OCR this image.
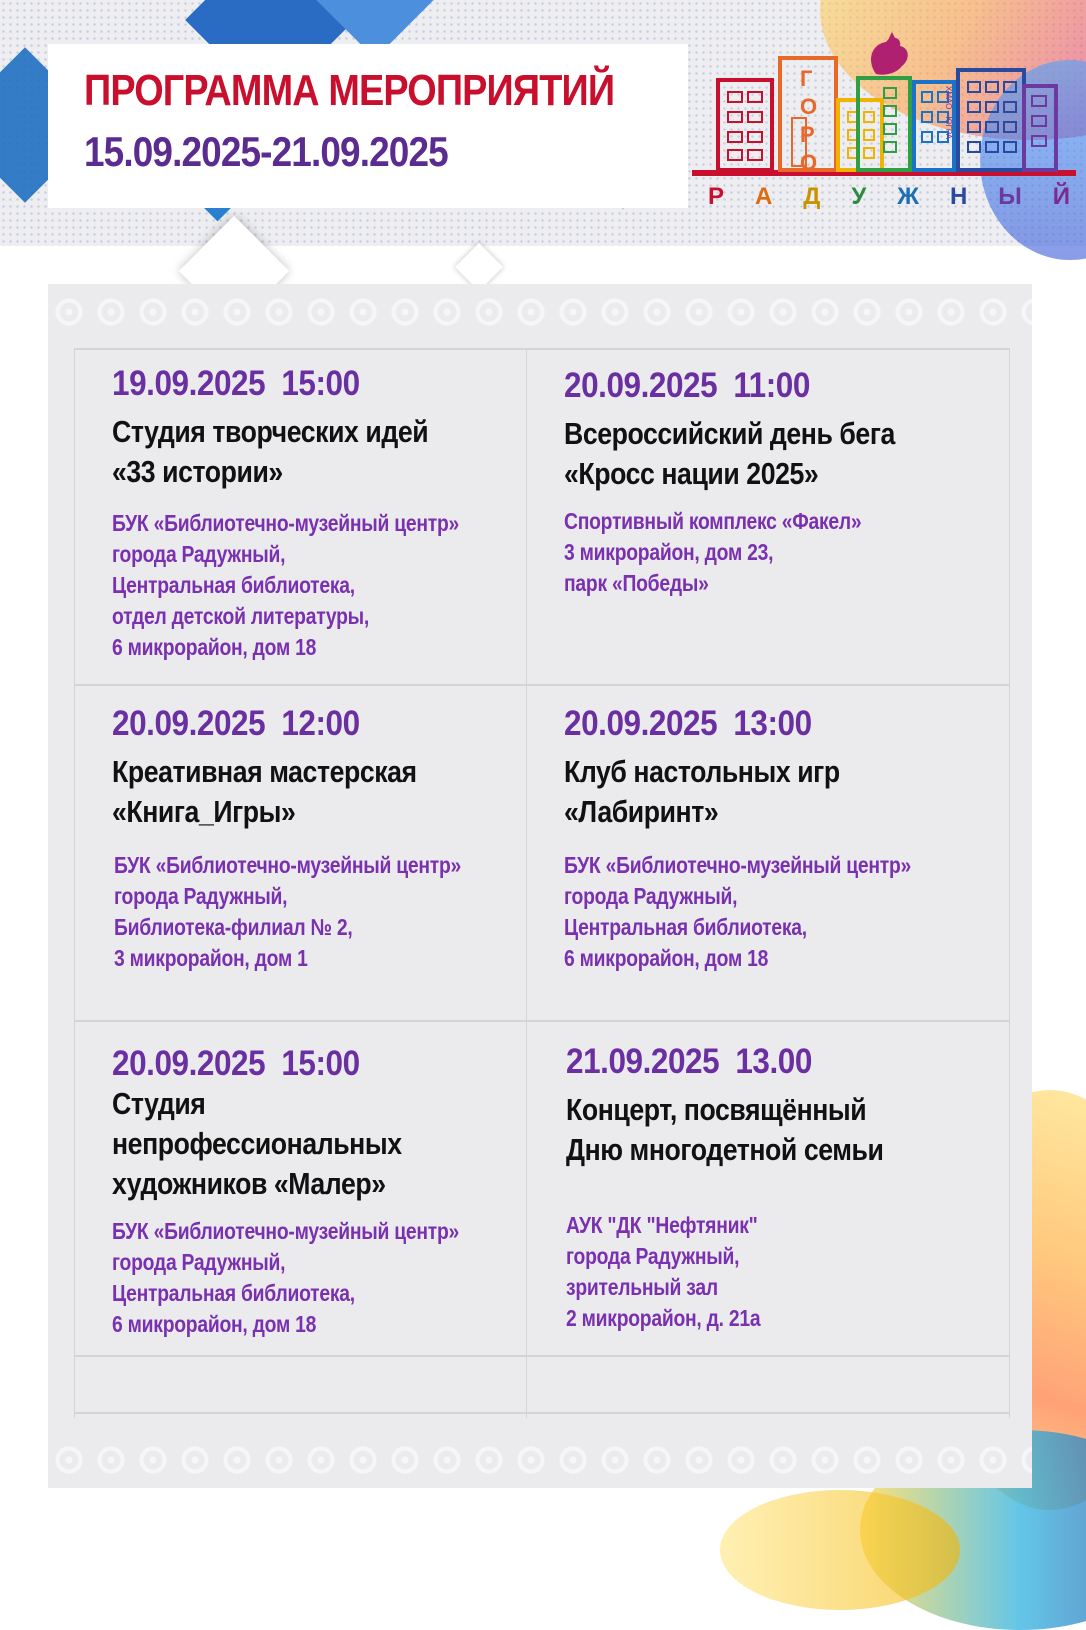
ПРОГРАММА МЕРОПРИЯТИЙ
15.09.2025-21.09.2025
Г
О
Р
О
ХМАО - ЮГРА
Р А Д У Ж Н Ы Й

19.09.2025 15:00

Студия творческих идей
«33 истории»
БУК «Библиотечно-музейный центр»
города Радужный,
Центральная библиотека,
отдел детской литературы,
6 микрорайон, дом 18

20.09.2025 11:00

Всероссийский день бега
«Кросс нации 2025»
Спортивный комплекс «Факел»
3 микрорайон, дом 23,
парк «Победы»

20.09.2025 12:00

Креативная мастерская
«Книга_Игры»
БУК «Библиотечно-музейный центр»
города Радужный,
Библиотека-филиал № 2,
3 микрорайон, дом 1

20.09.2025 13:00

Клуб настольных игр
«Лабиринт»
БУК «Библиотечно-музейный центр»
города Радужный,
Центральная библиотека,
6 микрорайон, дом 18

20.09.2025 15:00

Студия
непрофессиональных
художников «Малер»
БУК «Библиотечно-музейный центр»
города Радужный,
Центральная библиотека,
6 микрорайон, дом 18

21.09.2025 13.00

Концерт, посвящённый
Дню многодетной семьи
АУК "ДК "Нефтяник"
города Радужный,
зрительный зал
2 микрорайон, д. 21а
